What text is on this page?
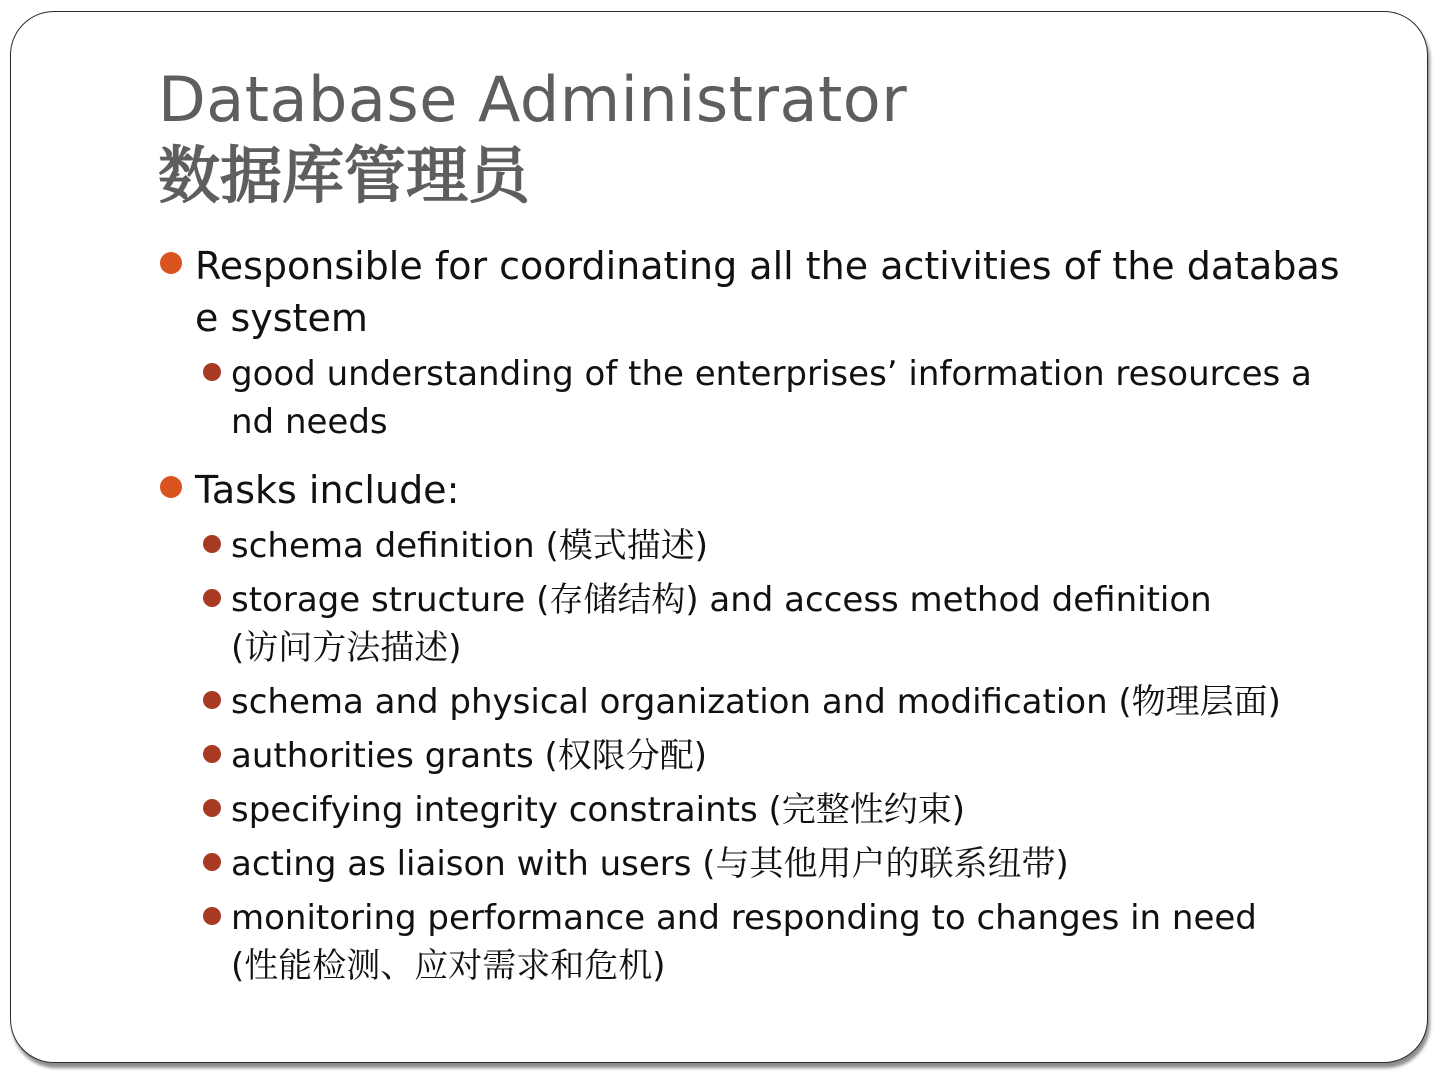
Database Administrator
数据库管理员
Responsible for coordinating all the activities of the databas
e system
good understanding of the enterprises’ information resources a
nd needs
Tasks include:
schema definition (模式描述)
storage structure (存储结构) and access method definition
(访问方法描述)
schema and physical organization and modification (物理层面)
authorities grants (权限分配)
specifying integrity constraints (完整性约束)
acting as liaison with users (与其他用户的联系纽带)
monitoring performance and responding to changes in need
(性能检测、应对需求和危机)
